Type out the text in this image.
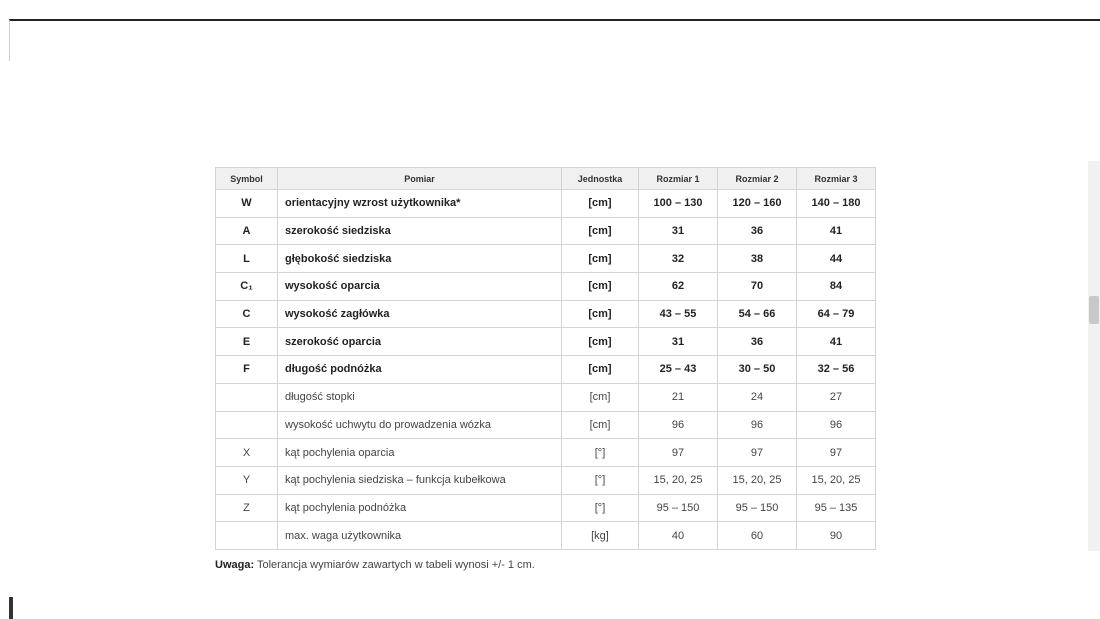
Symbol	Pomiar	Jednostka	Rozmiar 1	Rozmiar 2	Rozmiar 3
W	orientacyjny wzrost użytkownika*	[cm]	100 – 130	120 – 160	140 – 180
A	szerokość siedziska	[cm]	31	36	41
L	głębokość siedziska	[cm]	32	38	44
C₁	wysokość oparcia	[cm]	62	70	84
C	wysokość zagłówka	[cm]	43 – 55	54 – 66	64 – 79
E	szerokość oparcia	[cm]	31	36	41
F	długość podnóżka	[cm]	25 – 43	30 – 50	32 – 56
	długość stopki	[cm]	21	24	27
	wysokość uchwytu do prowadzenia wózka	[cm]	96	96	96
X	kąt pochylenia oparcia	[°]	97	97	97
Y	kąt pochylenia siedziska – funkcja kubełkowa	[°]	15, 20, 25	15, 20, 25	15, 20, 25
Z	kąt pochylenia podnóżka	[°]	95 – 150	95 – 150	95 – 135
	max. waga użytkownika	[kg]	40	60	90
Uwaga: Tolerancja wymiarów zawartych w tabeli wynosi +/- 1 cm.
